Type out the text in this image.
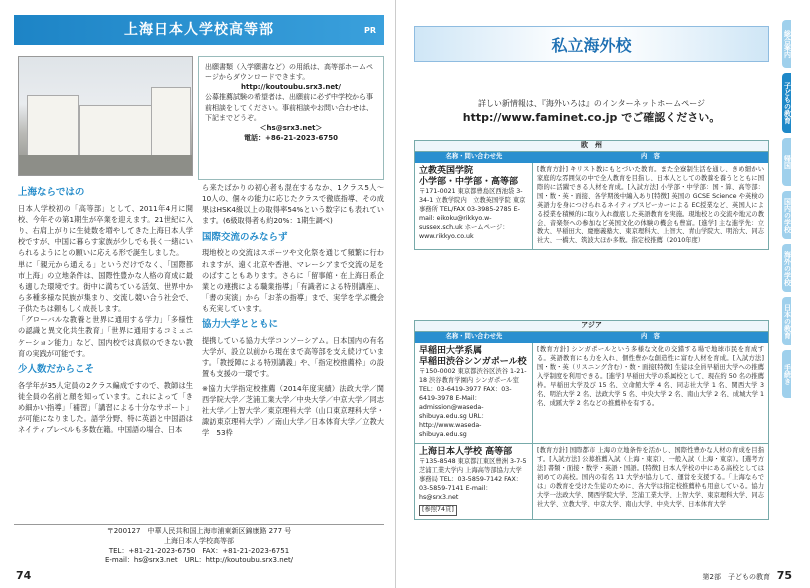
上海日本人学校高等部	PR
出願書類（入学願書など）の用紙は、高等部ホームページからダウンロードできます。
http://koutoubu.srx3.net/
公募推薦試験の希望者は、出願前に必ず中学校から事前相談をしてください。事前相談やお問い合わせは、下記までどうぞ。
＜hs@srx3.net＞
電話：+86-21-2023-6750
上海ならではの

日本人学校初の「高等部」として、2011年4月に開校、今年その第1期生が卒業を迎えます。21世紀に入り、右肩上がりに生徒数を増やしてきた上海日本人学校ですが、中国に暮らす家族が少しでも長く一緒にいられるようにとの願いに応える形で誕生しました。

単に「親元から通える」というだけでなく、「国際都市上海」の立地条件は、国際性豊かな人格の育成に最も適した環境です。街中に満ちている活気、世界中から多種多様な民族が集まり、交流し競い合う社会で、子供たちは頼もしく成長します。

「グローバルな教養と世界に通用する学力」「多様性の認識と異文化共生教育」「世界に通用するコミュニケーション能力」など、国内校では真似のできない教育の実践が可能です。

少人数だからこそ

各学年が35人定員の2クラス編成ですので、教師は生徒全員の名前と顔を知っています。これによって「きめ細かい指導」「補習」「講習による十分なサポート」が可能になりました。語学分野、特に英語と中国語はネイティブレベルも多数在籍。中国語の場合、日本

ら来たばかりの初心者も混在するなか、1クラス5人～10人の、個々の能力に応じたクラスで徹底指導、その成果はHSK4級以上の取得率54%という数字にも表れています。(6級取得者も約20%：1期生調べ)

国際交流のみならず

現地校との交流はスポーツや文化祭を通じて頻繁に行われますが、遠く北京や香港、マレーシアまで交流の足をのばすこともあります。さらに「留事館・在上海日系企業との連携による職業指導」「有識者による特別講座」、「書の実演」から「お茶の指導」まで、実学を学ぶ機会も充実しています。

協力大学とともに

提携している協力大学コンソーシアム。日本国内の有名大学が、設立以前から現在まで高等部を支え続けています。「教授陣による特別講義」や、「指定校推薦枠」の設置も支援の一環です。

※協力大学指定校推薦（2014年度実績）法政大学／関西学院大学／芝浦工業大学／中央大学／中京大学／同志社大学／上智大学／東京理科大学（山口東京理科大学・諏訪東京理科大学）／南山大学／日本体育大学／立教大学　53枠

〒200127　中華人民共和国上海市浦東新区錦康路 277 号
上海日本人学校高等部
TEL：+81-21-2023-6750　FAX：+81-21-2023-6751
E-mail：hs@srx3.net　URL：http://koutoubu.srx3.net/
74
私立海外校
詳しい新情報は、『海外いろは』のインターネットホームページ
http://www.faminet.co.jp でご確認ください。
欧　州
名称・問い合わせ先	内　容
立教英国学院
小学部・中学部・高等部
〒171-0021 東京都豊島区西池袋 3-34-1 立教学院内　立教英国学院 東京事務所 TEL/FAX 03-3985-2785 E-mail: eikoku@rikkyo.w-sussex.sch.uk ホームページ：www.rikkyo.co.uk
[教育方針] キリスト教にもとづいた教育。また全寮制生活を通し、きめ細かい家庭的な雰囲気の中で全人教育を目指し、日本人としての教養を養うとともに国際的に活躍できる人材を育成。[入試方法] 小学部・中学部：国・算、高等部：国・数・英・面接、各学期後中編入あり[特徴] 英国の GCSE Science や英検の英語力を身につけられるネイティブスピーカーによる EC授業など、英国人による授業を積極的に取り入れ徹底した英語教育を実施。現地校との交流や地元の教会、音楽祭への参加など英国文化の体験の機会も豊富。[進学] 主な進学先：立教大、早稲田大、慶應義塾大、東京理科大、上智大、青山学院大、明治大、同志社大、一橋大、筑波大ほか多数。指定校推薦（2010年度）
アジア
名称・問い合わせ先	内　容
早稲田大学系属
早稲田渋谷シンガポール校
〒150-0002 東京都渋谷区渋谷 1-21-18 渋谷教育学園内 シンガポール室 TEL：03-6419-3977 FAX：03-6419-3978 E-Mail：admission@waseda-shibuya.edu.sg URL：http://www.waseda-shibuya.edu.sg
[教育方針] シンガポールという多様な文化の交錯する場で地球市民を育成する。英語教育にも力を入れ、個性豊かな創造性に富む人材を育成。[入試方法] 国・数・英（リスニング含む）・数・面接[特徴] 生徒は全員早稲田大学への推薦入学制度を利用できる。[進学] 早稲田大学の系属校として、現在約 50 名の推薦枠。早稲田大学及び 15 名、立命館大学 4 名、同志社大学 1 名、関西大学 3 名、明治大学 2 名、法政大学 5 名、中央大学 2 名、南山大学 2 名、成城大学 1 名、成蹊大学 2 名などの推薦枠を有する。
上海日本人学校 高等部
〒135-8548 東京都江東区豊洲 3-7-5 芝浦工業大学内 上海高等部協力大学事務局 TEL：03-5859-7142 FAX：03-5859-7141 E-mail：hs@srx3.net
[参照74頁]
[教育方針] 国際都市 上海の立地条件を活かし、国際性豊かな人材の育成を目指す。[入試方法] 公募推薦入試（上海・東京）、一般入試（上海・東京）。[選考方法] 書類・面接・数学・英語・国語。[特徴] 日本人学校の中にある高校としては初めての高校。国内の有名 11 大学が協力して、運営を支援する。「上海ならでは」の教育を受けた生徒のために、各大学は指定校推薦枠も用意している。協力大学一法政大学、関西学院大学、芝浦工業大学、上智大学、東京理科大学、同志社大学、立教大学、中京大学、南山大学、中央大学、日本体育大学
総合案内
子どもの教育
帰国
国内の学校
海外の学校
日本の教育
手続き
第2部　子どもの教育 75
